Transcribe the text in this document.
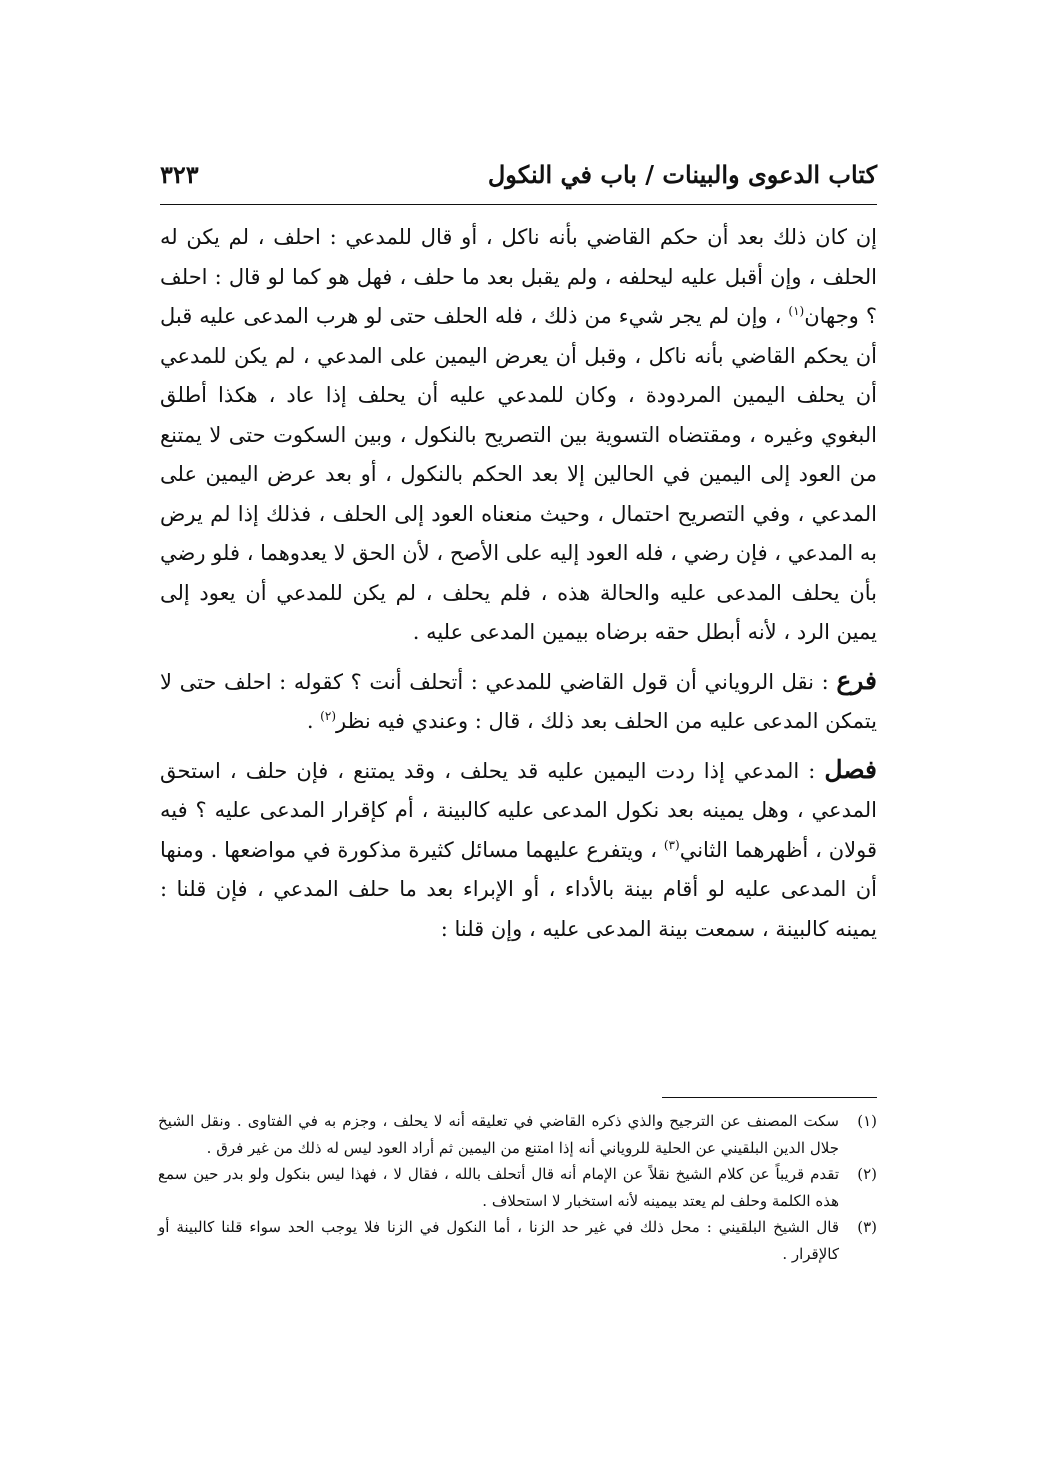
كتاب الدعوى والبينات / باب في النكول
٣٢٣

إن كان ذلك بعد أن حكم القاضي بأنه ناكل ، أو قال للمدعي : احلف ، لم يكن له الحلف ، وإن أقبل عليه ليحلفه ، ولم يقبل بعد ما حلف ، فهل هو كما لو قال : احلف ؟ وجهان$^{(١)}$ ، وإن لم يجر شيء من ذلك ، فله الحلف حتى لو هرب المدعى عليه قبل أن يحكم القاضي بأنه ناكل ، وقبل أن يعرض اليمين على المدعي ، لم يكن للمدعي أن يحلف اليمين المردودة ، وكان للمدعي عليه أن يحلف إذا عاد ، هكذا أطلق البغوي وغيره ، ومقتضاه التسوية بين التصريح بالنكول ، وبين السكوت حتى لا يمتنع من العود إلى اليمين في الحالين إلا بعد الحكم بالنكول ، أو بعد عرض اليمين على المدعي ، وفي التصريح احتمال ، وحيث منعناه العود إلى الحلف ، فذلك إذا لم يرض به المدعي ، فإن رضي ، فله العود إليه على الأصح ، لأن الحق لا يعدوهما ، فلو رضي بأن يحلف المدعى عليه والحالة هذه ، فلم يحلف ، لم يكن للمدعي أن يعود إلى يمين الرد ، لأنه أبطل حقه برضاه بيمين المدعى عليه .

فرع : نقل الروياني أن قول القاضي للمدعي : أتحلف أنت ؟ كقوله : احلف حتى لا يتمكن المدعى عليه من الحلف بعد ذلك ، قال : وعندي فيه نظر$^{(٢)}$ .

فصل : المدعي إذا ردت اليمين عليه قد يحلف ، وقد يمتنع ، فإن حلف ، استحق المدعي ، وهل يمينه بعد نكول المدعى عليه كالبينة ، أم كإقرار المدعى عليه ؟ فيه قولان ، أظهرهما الثاني$^{(٣)}$ ، ويتفرع عليهما مسائل كثيرة مذكورة في مواضعها . ومنها أن المدعى عليه لو أقام بينة بالأداء ، أو الإبراء بعد ما حلف المدعي ، فإن قلنا : يمينه كالبينة ، سمعت بينة المدعى عليه ، وإن قلنا :

(١)
سكت المصنف عن الترجيح والذي ذكره القاضي في تعليقه أنه لا يحلف ، وجزم به في الفتاوى . ونقل الشيخ جلال الدين البلقيني عن الحلية للروياني أنه إذا امتنع من اليمين ثم أراد العود ليس له ذلك من غير فرق .
(٢)
تقدم قريباً عن كلام الشيخ نقلاً عن الإمام أنه قال أتحلف بالله ، فقال لا ، فهذا ليس بنكول ولو بدر حين سمع هذه الكلمة وحلف لم يعتد بيمينه لأنه استخبار لا استحلاف .
(٣)
قال الشيخ البلقيني : محل ذلك في غير حد الزنا ، أما النكول في الزنا فلا يوجب الحد سواء قلنا كالبينة أو كالإقرار .
